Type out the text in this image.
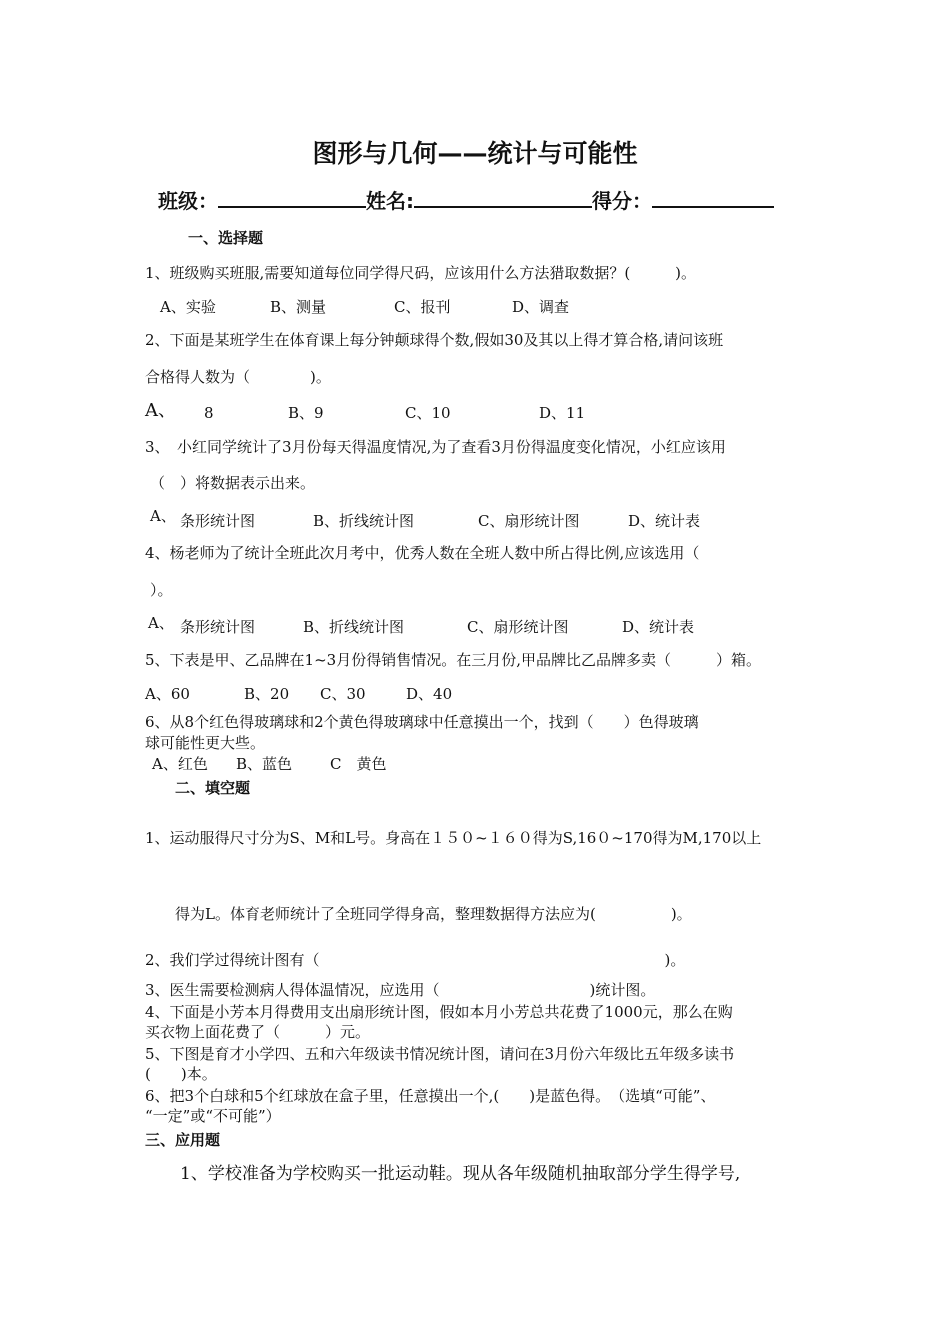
图形与几何——统计与可能性
班级：	姓名:	得分：
一、选择题
1、班级购买班服,需要知道每位同学得尺码，应该用什么方法猎取数据？(　　　)。
A、实验	B、测量	C、报刊	D、调查
2、下面是某班学生在体育课上每分钟颠球得个数,假如30及其以上得才算合格,请问该班
合格得人数为（　　　　)。
A、 8	B、9	C、10	D、11
3、　小红同学统计了3月份每天得温度情况,为了查看3月份得温度变化情况，小红应该用
（　）将数据表示出来。
A、 条形统计图	B、折线统计图	C、扇形统计图	D、统计表
4、杨老师为了统计全班此次月考中，优秀人数在全班人数中所占得比例,应该选用（
）。
A、 条形统计图	B、折线统计图	C、扇形统计图	D、统计表
5、下表是甲、乙品牌在1~3月份得销售情况。在三月份,甲品牌比乙品牌多卖（　　　）箱。
A、60	B、20 C、30	D、40
6、从8个红色得玻璃球和2个黄色得玻璃球中任意摸出一个，找到（　　）色得玻璃
球可能性更大些。
A、红色 B、蓝色	C　黄色
二、填空题
1、运动服得尺寸分为S、M和L号。身高在１５０~１６０得为S,16０~170得为M,170以上
得为L。体育老师统计了全班同学得身高，整理数据得方法应为(　　　　　)。
2、我们学过得统计图有（　　　　　　　　　　　　　　　　　　　　　　　)。
3、医生需要检测病人得体温情况，应选用（　　　　　　　　　　)统计图。
4、下面是小芳本月得费用支出扇形统计图，假如本月小芳总共花费了1000元，那么在购
买衣物上面花费了（　　　）元。
5、下图是育才小学四、五和六年级读书情况统计图，请问在3月份六年级比五年级多读书
(　　)本。
6、把3个白球和5个红球放在盒子里，任意摸出一个,(　　)是蓝色得。　（选填“可能”、
“一定”或“不可能”）
三、应用题
1、学校准备为学校购买一批运动鞋。现从各年级随机抽取部分学生得学号,
